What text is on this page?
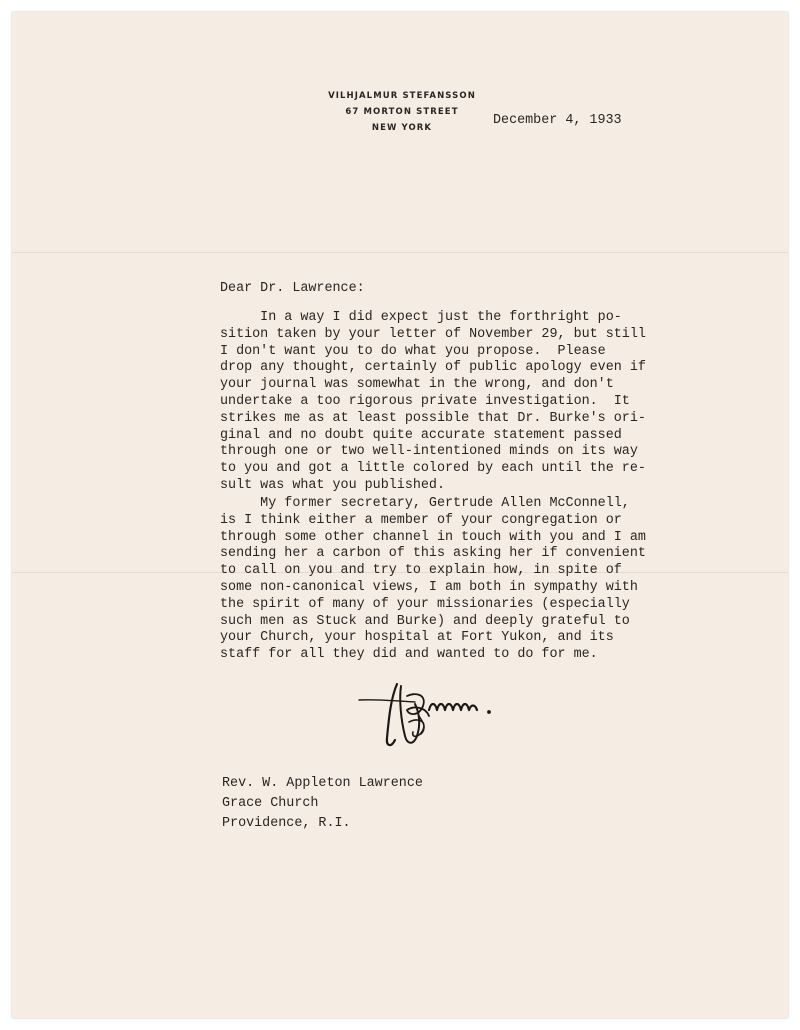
VILHJALMUR STEFANSSON
67 MORTON STREET
NEW YORK	December 4, 1933
Dear Dr. Lawrence:
In a way I did expect just the forthright po-
sition taken by your letter of November 29, but still
I don't want you to do what you propose.  Please
drop any thought, certainly of public apology even if
your journal was somewhat in the wrong, and don't
undertake a too rigorous private investigation.  It
strikes me as at least possible that Dr. Burke's ori-
ginal and no doubt quite accurate statement passed
through one or two well-intentioned minds on its way
to you and got a little colored by each until the re-
sult was what you published.
My former secretary, Gertrude Allen McConnell,
is I think either a member of your congregation or
through some other channel in touch with you and I am
sending her a carbon of this asking her if convenient
to call on you and try to explain how, in spite of
some non-canonical views, I am both in sympathy with
the spirit of many of your missionaries (especially
such men as Stuck and Burke) and deeply grateful to
your Church, your hospital at Fort Yukon, and its
staff for all they did and wanted to do for me.
Rev. W. Appleton Lawrence
Grace Church
Providence, R.I.
